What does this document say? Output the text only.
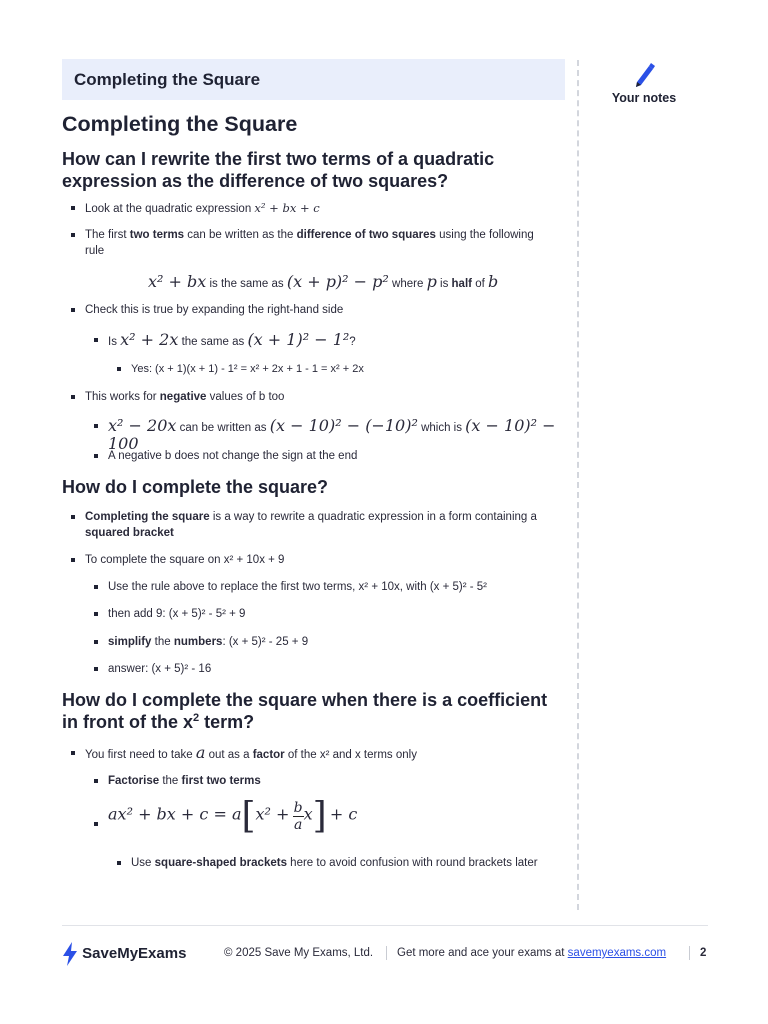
Completing the Square
Your notes
Completing the Square
How can I rewrite the first two terms of a quadratic expression as the difference of two squares?
Look at the quadratic expression x² + bx + c
The first two terms can be written as the difference of two squares using the following rule
x² + bx is the same as (x + p)² − p² where p is half of b
Check this is true by expanding the right-hand side
Is x² + 2x the same as (x + 1)² − 1²?
Yes: (x + 1)(x + 1) - 1² = x² + 2x + 1 - 1 = x² + 2x
This works for negative values of b too
x² − 20x can be written as (x − 10)² − (−10)² which is (x − 10)² − 100
A negative b does not change the sign at the end
How do I complete the square?
Completing the square is a way to rewrite a quadratic expression in a form containing a squared bracket
To complete the square on x² + 10x + 9
Use the rule above to replace the first two terms, x² + 10x, with (x + 5)² - 5²
then add 9: (x + 5)² - 5² + 9
simplify the numbers: (x + 5)² - 25 + 9
answer: (x + 5)² - 16
How do I complete the square when there is a coefficient in front of the $x^2$ term?
You first need to take a out as a factor of the x² and x terms only
Factorise the first two terms
ax² + bx + $c = a[x^2 + \frac{b}{a} x] + c$
Use square-shaped brackets here to avoid confusion with round brackets later
SaveMyExams	© 2025 Save My Exams, Ltd. Get more and ace your exams at savemyexams.com	2
